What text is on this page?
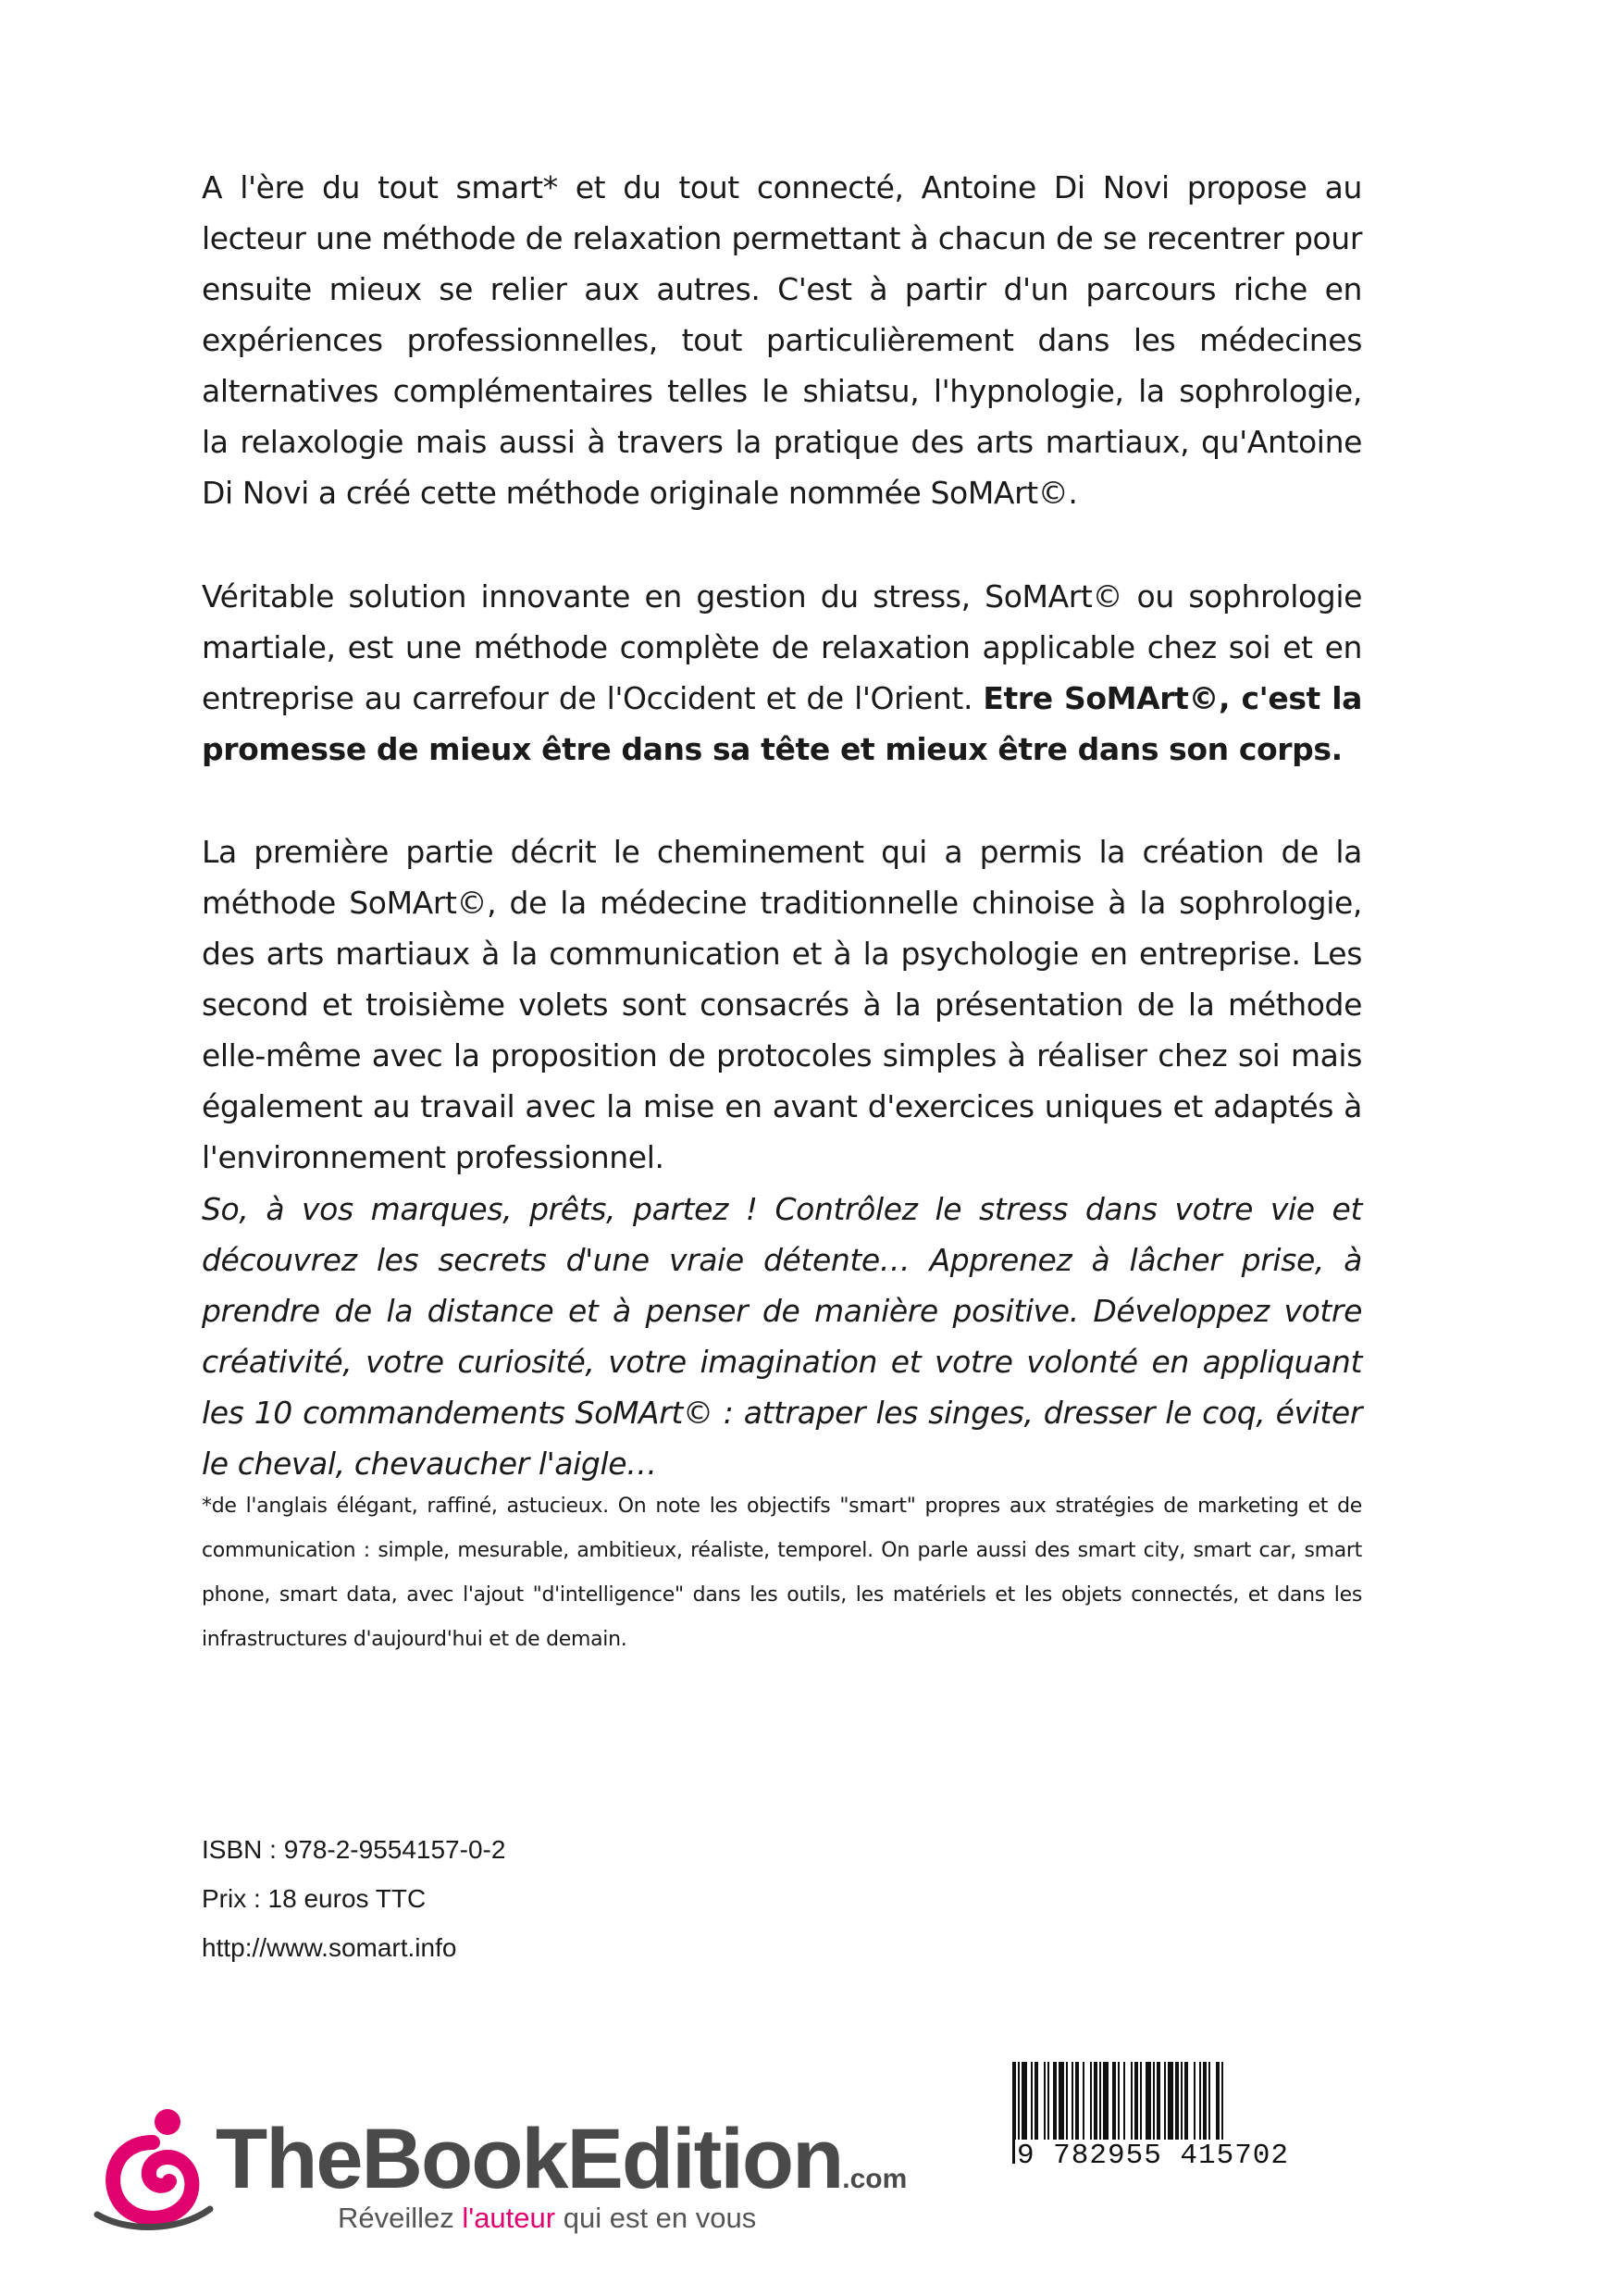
A l'ère du tout smart* et du tout connecté, Antoine Di Novi propose au lecteur une méthode de relaxation permettant à chacun de se recentrer pour ensuite mieux se relier aux autres. C'est à partir d'un parcours riche en expériences professionnelles, tout particulièrement dans les médecines alternatives complémentaires telles le shiatsu, l'hypnologie, la sophrologie, la relaxologie mais aussi à travers la pratique des arts martiaux, qu'Antoine Di Novi a créé cette méthode originale nommée SoMArt©.

Véritable solution innovante en gestion du stress, SoMArt© ou sophrologie martiale, est une méthode complète de relaxation applicable chez soi et en entreprise au carrefour de l'Occident et de l'Orient. Etre SoMArt©, c'est la promesse de mieux être dans sa tête et mieux être dans son corps.

La première partie décrit le cheminement qui a permis la création de la méthode SoMArt©, de la médecine traditionnelle chinoise à la sophrologie, des arts martiaux à la communication et à la psychologie en entreprise. Les second et troisième volets sont consacrés à la présentation de la méthode elle-même avec la proposition de protocoles simples à réaliser chez soi mais également au travail avec la mise en avant d'exercices uniques et adaptés à l'environnement professionnel.

So, à vos marques, prêts, partez ! Contrôlez le stress dans votre vie et découvrez les secrets d'une vraie détente… Apprenez à lâcher prise, à prendre de la distance et à penser de manière positive. Développez votre créativité, votre curiosité, votre imagination et votre volonté en appliquant les 10 commandements SoMArt© : attraper les singes, dresser le coq, éviter le cheval, chevaucher l'aigle…

*de l'anglais élégant, raffiné, astucieux. On note les objectifs "smart" propres aux stratégies de marketing et de communication : simple, mesurable, ambitieux, réaliste, temporel. On parle aussi des smart city, smart car, smart phone, smart data, avec l'ajout "d'intelligence" dans les outils, les matériels et les objets connectés, et dans les infrastructures d'aujourd'hui et de demain.

ISBN : 978-2-9554157-0-2
Prix : 18 euros TTC
http://www.somart.info
9 782955 415702
TheBookEdition.com
Réveillez l'auteur qui est en vous
